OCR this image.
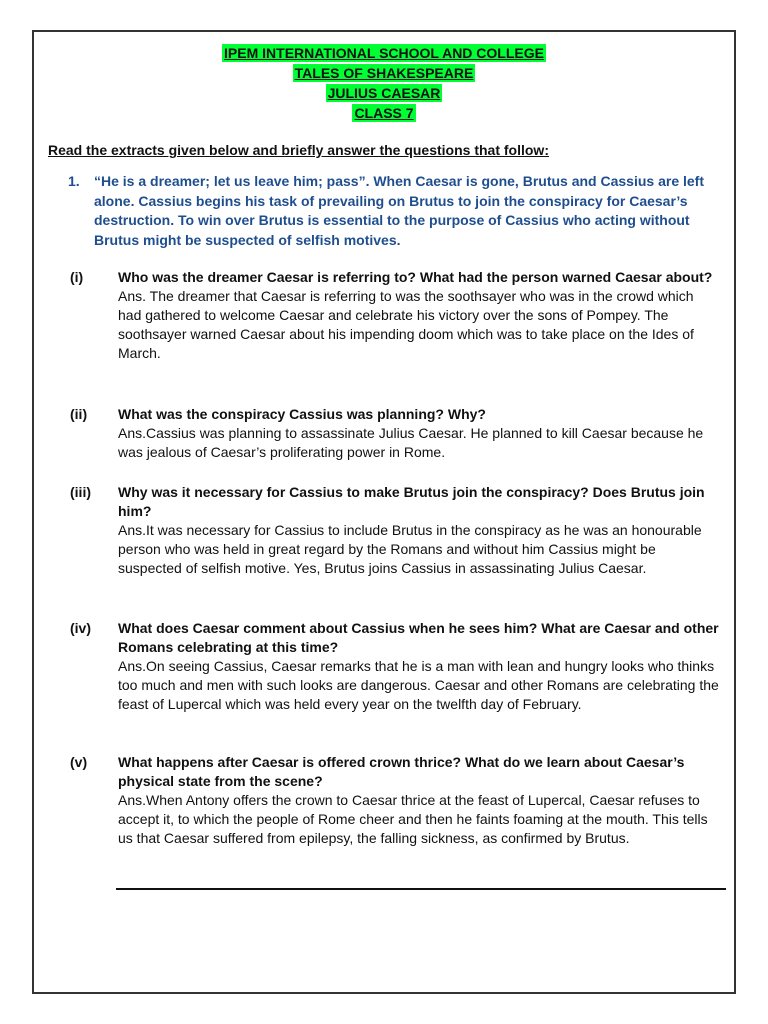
IPEM INTERNATIONAL SCHOOL AND COLLEGE
TALES OF SHAKESPEARE
JULIUS CAESAR
CLASS 7
Read the extracts given below and briefly answer the questions that follow:
1.	“He is a dreamer; let us leave him; pass”. When Caesar is gone, Brutus and Cassius are left alone. Cassius begins his task of prevailing on Brutus to join the conspiracy for Caesar’s destruction. To win over Brutus is essential to the purpose of Cassius who acting without Brutus might be suspected of selfish motives.
(i)	Who was the dreamer Caesar is referring to? What had the person warned Caesar about?
Ans. The dreamer that Caesar is referring to was the soothsayer who was in the crowd which had gathered to welcome Caesar and celebrate his victory over the sons of Pompey. The soothsayer warned Caesar about his impending doom which was to take place on the Ides of March.
(ii)	What was the conspiracy Cassius was planning? Why?
Ans.Cassius was planning to assassinate Julius Caesar. He planned to kill Caesar because he was jealous of Caesar’s proliferating power in Rome.
(iii)	Why was it necessary for Cassius to make Brutus join the conspiracy? Does Brutus join him?
Ans.It was necessary for Cassius to include Brutus in the conspiracy as he was an honourable person who was held in great regard by the Romans and without him Cassius might be suspected of selfish motive. Yes, Brutus joins Cassius in assassinating Julius Caesar.
(iv)	What does Caesar comment about Cassius when he sees him? What are Caesar and other Romans celebrating at this time?
Ans.On seeing Cassius, Caesar remarks that he is a man with lean and hungry looks who thinks too much and men with such looks are dangerous. Caesar and other Romans are celebrating the feast of Lupercal which was held every year on the twelfth day of February.
(v)	What happens after Caesar is offered crown thrice? What do we learn about Caesar’s physical state from the scene?
Ans.When Antony offers the crown to Caesar thrice at the feast of Lupercal, Caesar refuses to accept it, to which the people of Rome cheer and then he faints foaming at the mouth. This tells us that Caesar suffered from epilepsy, the falling sickness, as confirmed by Brutus.
